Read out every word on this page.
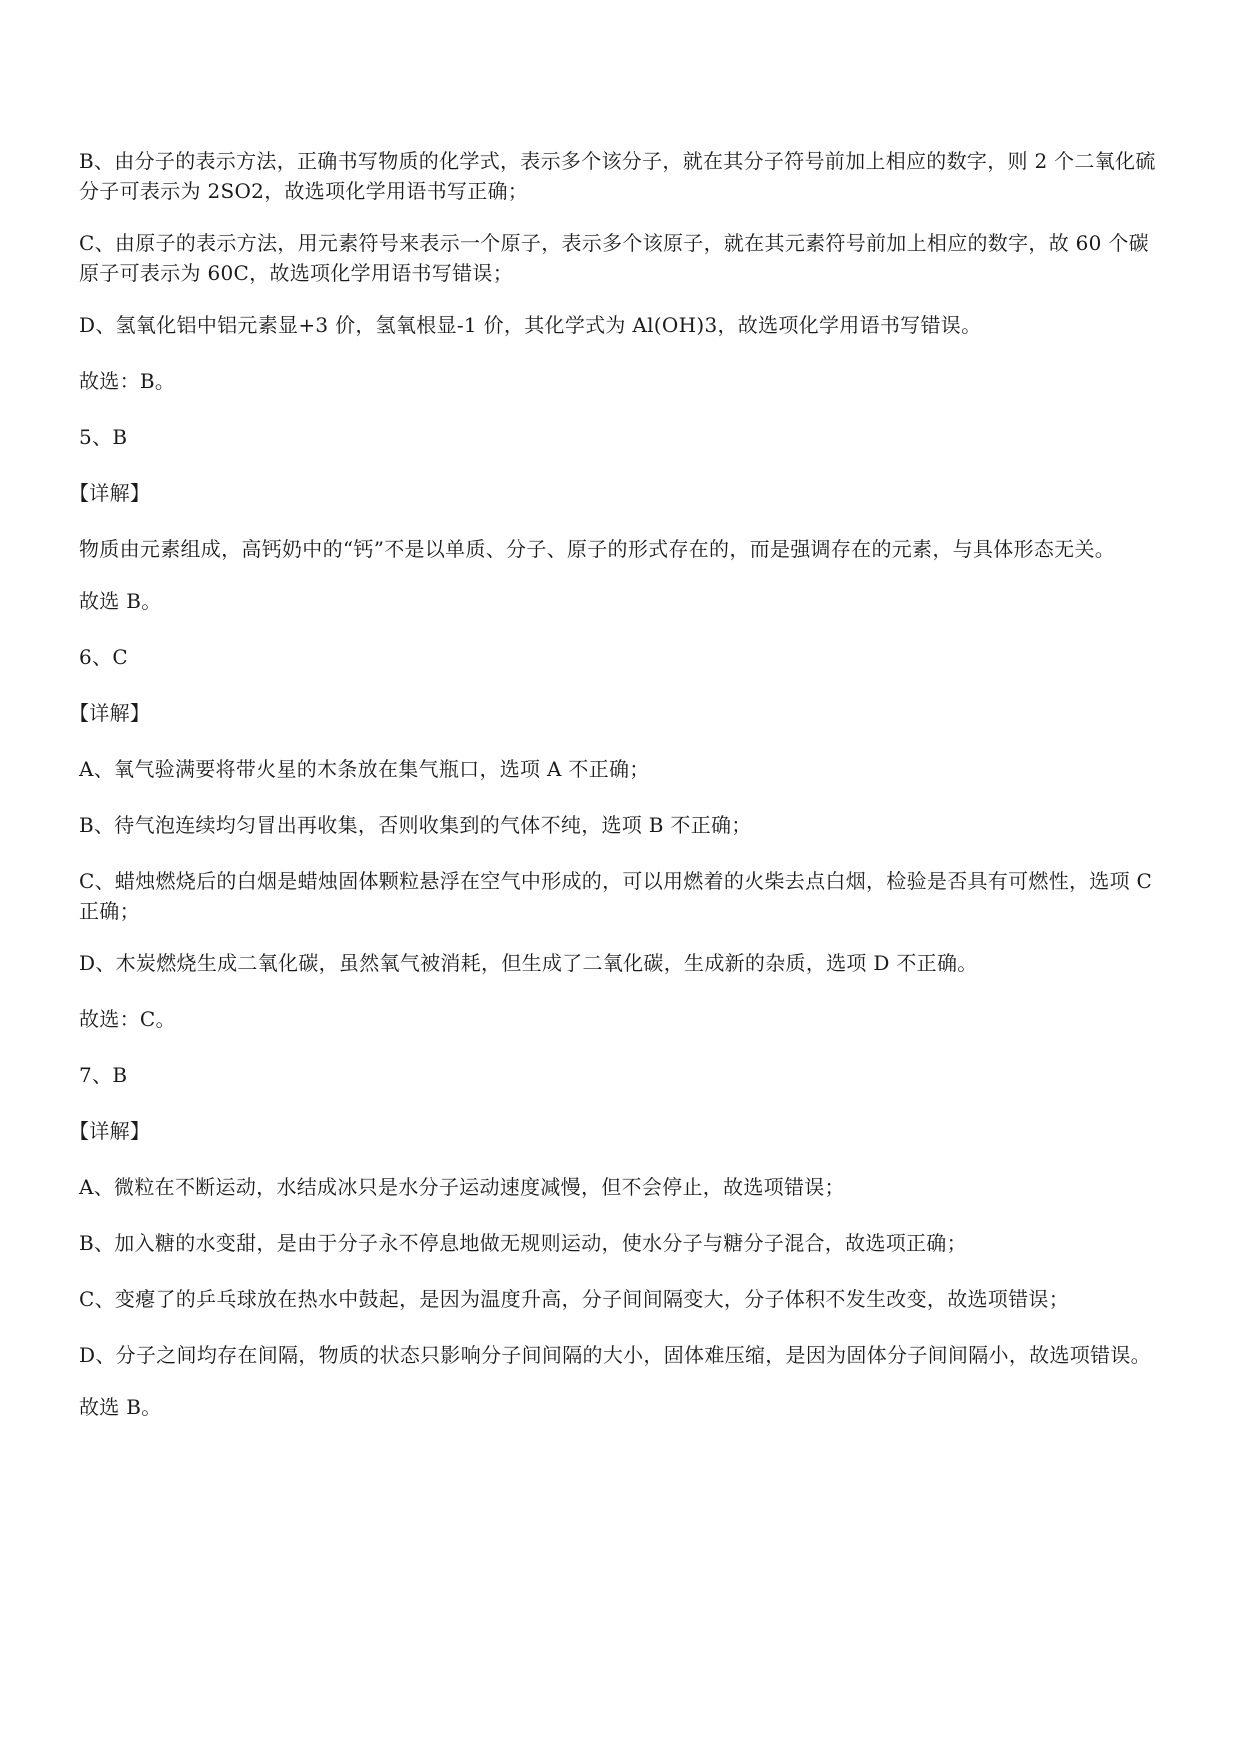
B、由分子的表示方法，正确书写物质的化学式，表示多个该分子，就在其分子符号前加上相应的数字，则 2 个二氧化硫分子可表示为 2SO2，故选项化学用语书写正确；

C、由原子的表示方法，用元素符号来表示一个原子，表示多个该原子，就在其元素符号前加上相应的数字，故 60 个碳原子可表示为 60C，故选项化学用语书写错误；

D、氢氧化铝中铝元素显+3 价，氢氧根显-1 价，其化学式为 Al(OH)3，故选项化学用语书写错误。

故选：B。

5、B

【详解】

物质由元素组成，高钙奶中的“钙”不是以单质、分子、原子的形式存在的，而是强调存在的元素，与具体形态无关。

故选 B。

6、C

【详解】

A、氧气验满要将带火星的木条放在集气瓶口，选项 A 不正确；

B、待气泡连续均匀冒出再收集，否则收集到的气体不纯，选项 B 不正确；

C、蜡烛燃烧后的白烟是蜡烛固体颗粒悬浮在空气中形成的，可以用燃着的火柴去点白烟，检验是否具有可燃性，选项 C 正确；

D、木炭燃烧生成二氧化碳，虽然氧气被消耗，但生成了二氧化碳，生成新的杂质，选项 D 不正确。

故选：C。

7、B

【详解】

A、微粒在不断运动，水结成冰只是水分子运动速度减慢，但不会停止，故选项错误；

B、加入糖的水变甜，是由于分子永不停息地做无规则运动，使水分子与糖分子混合，故选项正确；

C、变瘪了的乒乓球放在热水中鼓起，是因为温度升高，分子间间隔变大，分子体积不发生改变，故选项错误；

D、分子之间均存在间隔，物质的状态只影响分子间间隔的大小，固体难压缩，是因为固体分子间间隔小，故选项错误。

故选 B。
